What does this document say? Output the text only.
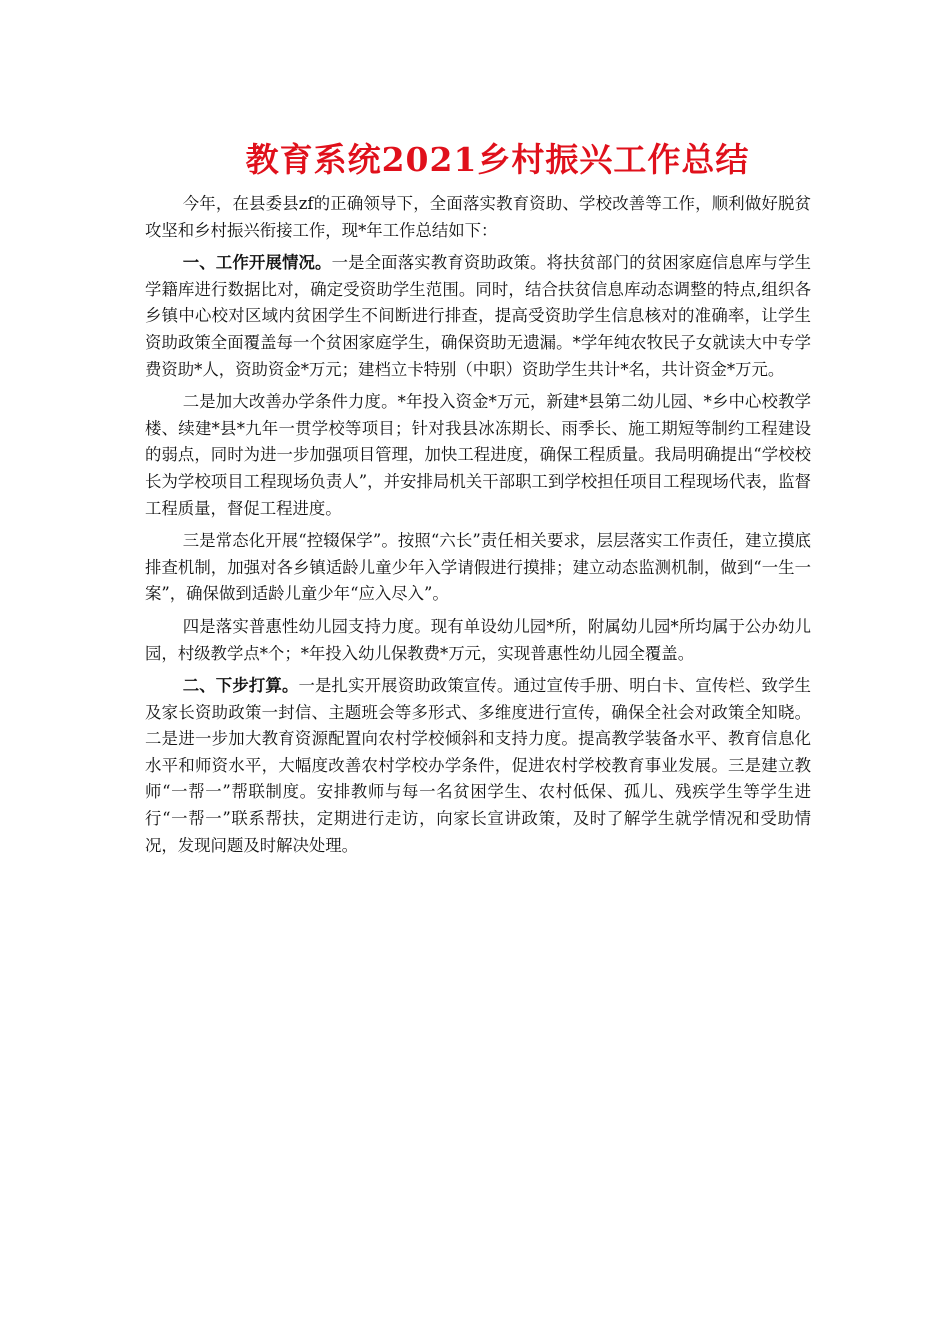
教育系统2021乡村振兴工作总结

今年，在县委县zf的正确领导下，全面落实教育资助、学校改善等工作，顺利做好脱贫攻坚和乡村振兴衔接工作，现*年工作总结如下：

一、工作开展情况。一是全面落实教育资助政策。将扶贫部门的贫困家庭信息库与学生学籍库进行数据比对，确定受资助学生范围。同时，结合扶贫信息库动态调整的特点,组织各乡镇中心校对区域内贫困学生不间断进行排查，提高受资助学生信息核对的准确率，让学生资助政策全面覆盖每一个贫困家庭学生，确保资助无遗漏。*学年纯农牧民子女就读大中专学费资助*人，资助资金*万元；建档立卡特别（中职）资助学生共计*名，共计资金*万元。

二是加大改善办学条件力度。*年投入资金*万元，新建*县第二幼儿园、*乡中心校教学楼、续建*县*九年一贯学校等项目；针对我县冰冻期长、雨季长、施工期短等制约工程建设的弱点，同时为进一步加强项目管理，加快工程进度，确保工程质量。我局明确提出“学校校长为学校项目工程现场负责人”，并安排局机关干部职工到学校担任项目工程现场代表，监督工程质量，督促工程进度。

三是常态化开展“控辍保学”。按照“六长”责任相关要求，层层落实工作责任，建立摸底排查机制，加强对各乡镇适龄儿童少年入学请假进行摸排；建立动态监测机制，做到“一生一案”，确保做到适龄儿童少年“应入尽入”。

四是落实普惠性幼儿园支持力度。现有单设幼儿园*所，附属幼儿园*所均属于公办幼儿园，村级教学点*个；*年投入幼儿保教费*万元，实现普惠性幼儿园全覆盖。

二、下步打算。一是扎实开展资助政策宣传。通过宣传手册、明白卡、宣传栏、致学生及家长资助政策一封信、主题班会等多形式、多维度进行宣传，确保全社会对政策全知晓。二是进一步加大教育资源配置向农村学校倾斜和支持力度。提高教学装备水平、教育信息化水平和师资水平，大幅度改善农村学校办学条件，促进农村学校教育事业发展。三是建立教师“一帮一”帮联制度。安排教师与每一名贫困学生、农村低保、孤儿、残疾学生等学生进行“一帮一”联系帮扶，定期进行走访，向家长宣讲政策，及时了解学生就学情况和受助情况，发现问题及时解决处理。
